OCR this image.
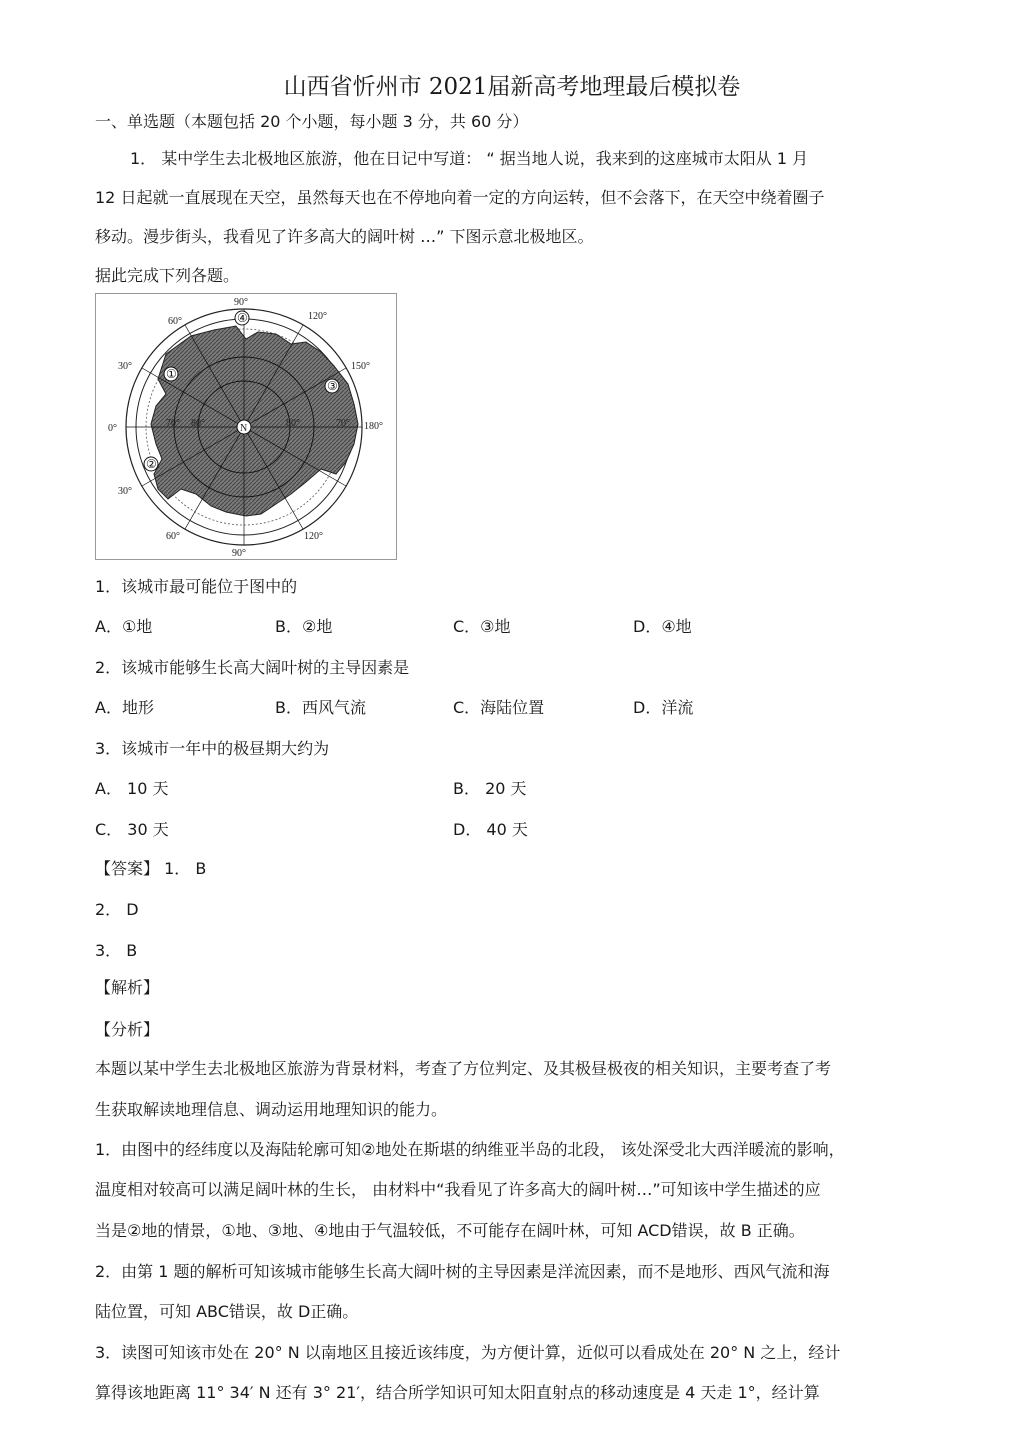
山西省忻州市 2021届新高考地理最后模拟卷
一、单选题（本题包括 20 个小题，每小题 3 分，共 60 分）
1． 某中学生去北极地区旅游，他在日记中写道： “ 据当地人说，我来到的这座城市太阳从 1 月
12 日起就一直展现在天空，虽然每天也在不停地向着一定的方向运转，但不会落下，在天空中绕着圈子
移动。漫步街头，我看见了许多高大的阔叶树 …” 下图示意北极地区。
据此完成下列各题。
N
90°
120°
150°
180°
120°
90°
60°
30°
0°
30°
60°
70° 80°	80°	70°
①
②
③
④
1．该城市最可能位于图中的
A．①地	B．②地	C．③地	D．④地
2．该城市能够生长高大阔叶树的主导因素是
A．地形	B．西风气流	C．海陆位置	D．洋流
3．该城市一年中的极昼期大约为
A． 10 天	B． 20 天
C． 30 天	D． 40 天
【答案】 1． B
2． D
3． B
【解析】
【分析】
本题以某中学生去北极地区旅游为背景材料，考查了方位判定、及其极昼极夜的相关知识，主要考查了考
生获取解读地理信息、调动运用地理知识的能力。
1．由图中的经纬度以及海陆轮廓可知②地处在斯堪的纳维亚半岛的北段， 该处深受北大西洋暖流的影响，
温度相对较高可以满足阔叶林的生长， 由材料中“我看见了许多高大的阔叶树…”可知该中学生描述的应
当是②地的情景，①地、③地、④地由于气温较低，不可能存在阔叶林，可知 ACD错误，故 B 正确。
2．由第 1 题的解析可知该城市能够生长高大阔叶树的主导因素是洋流因素，而不是地形、西风气流和海
陆位置，可知 ABC错误，故 D正确。
3．读图可知该市处在 20° N 以南地区且接近该纬度，为方便计算，近似可以看成处在 20° N 之上，经计
算得该地距离 11° 34′ N 还有 3° 21′，结合所学知识可知太阳直射点的移动速度是 4 天走 1°，经计算
